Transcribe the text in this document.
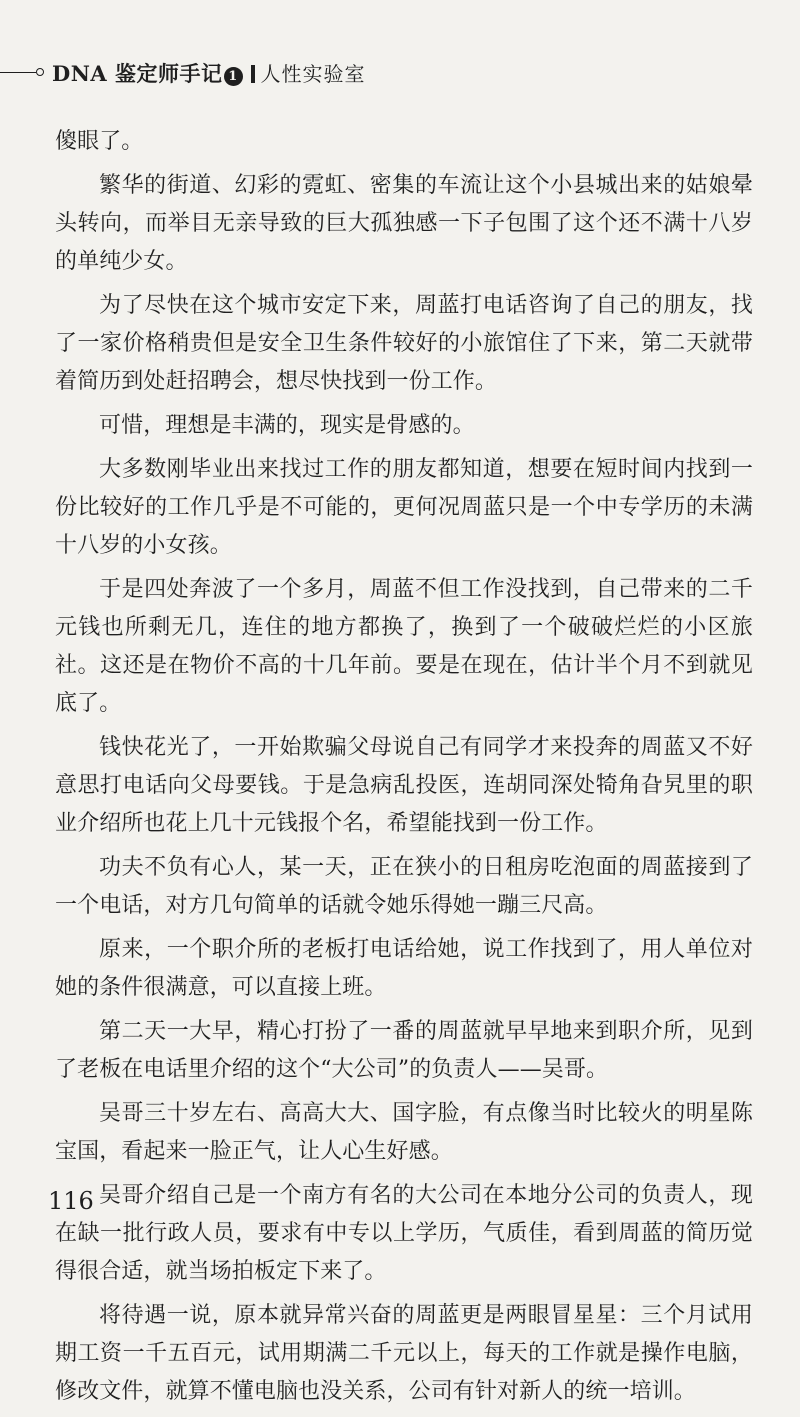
DNA 鉴定师手记 1 人性实验室

傻眼了。

繁华的街道、幻彩的霓虹、密集的车流让这个小县城出来的姑娘晕头转向，而举目无亲导致的巨大孤独感一下子包围了这个还不满十八岁的单纯少女。

为了尽快在这个城市安定下来，周蓝打电话咨询了自己的朋友，找了一家价格稍贵但是安全卫生条件较好的小旅馆住了下来，第二天就带着简历到处赶招聘会，想尽快找到一份工作。

可惜，理想是丰满的，现实是骨感的。

大多数刚毕业出来找过工作的朋友都知道，想要在短时间内找到一份比较好的工作几乎是不可能的，更何况周蓝只是一个中专学历的未满十八岁的小女孩。

于是四处奔波了一个多月，周蓝不但工作没找到，自己带来的二千元钱也所剩无几，连住的地方都换了，换到了一个破破烂烂的小区旅社。这还是在物价不高的十几年前。要是在现在，估计半个月不到就见底了。

钱快花光了，一开始欺骗父母说自己有同学才来投奔的周蓝又不好意思打电话向父母要钱。于是急病乱投医，连胡同深处犄角旮旯里的职业介绍所也花上几十元钱报个名，希望能找到一份工作。

功夫不负有心人，某一天，正在狭小的日租房吃泡面的周蓝接到了一个电话，对方几句简单的话就令她乐得她一蹦三尺高。

原来，一个职介所的老板打电话给她，说工作找到了，用人单位对她的条件很满意，可以直接上班。

第二天一大早，精心打扮了一番的周蓝就早早地来到职介所，见到了老板在电话里介绍的这个“大公司”的负责人——吴哥。

吴哥三十岁左右、高高大大、国字脸，有点像当时比较火的明星陈宝国，看起来一脸正气，让人心生好感。

吴哥介绍自己是一个南方有名的大公司在本地分公司的负责人，现在缺一批行政人员，要求有中专以上学历，气质佳，看到周蓝的简历觉得很合适，就当场拍板定下来了。

将待遇一说，原本就异常兴奋的周蓝更是两眼冒星星：三个月试用期工资一千五百元，试用期满二千元以上，每天的工作就是操作电脑，修改文件，就算不懂电脑也没关系，公司有针对新人的统一培训。

116
